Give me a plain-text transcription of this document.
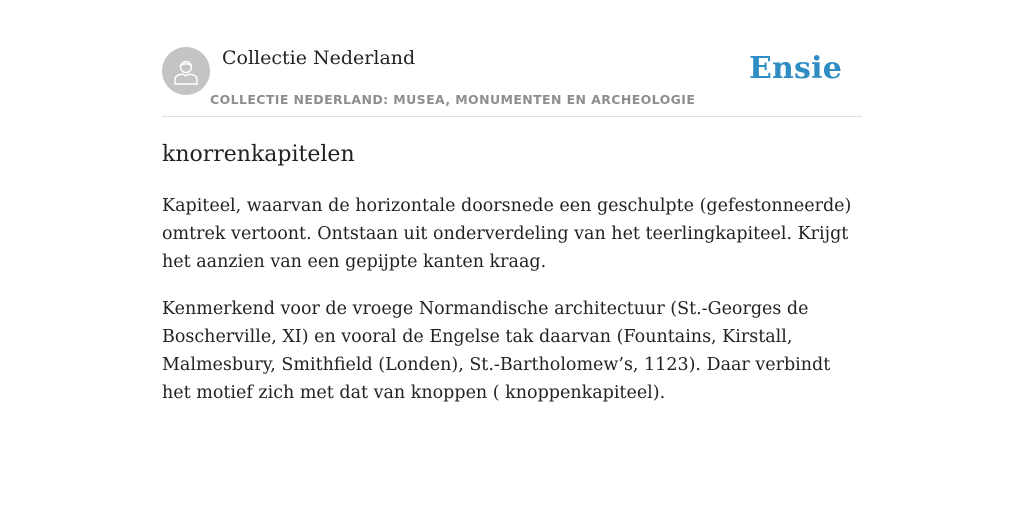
Collectie Nederland
COLLECTIE NEDERLAND: MUSEA, MONUMENTEN EN ARCHEOLOGIE
Ensie
knorrenkapitelen

Kapiteel, waarvan de horizontale doorsnede een geschulpte (gefestonneerde) omtrek vertoont. Ontstaan uit onderverdeling van het teerlingkapiteel. Krijgt het aanzien van een gepijpte kanten kraag.

Kenmerkend voor de vroege Normandische architectuur (St.-Georges de Boscherville, XI) en vooral de Engelse tak daarvan (Fountains, Kirstall, Malmesbury, Smithfield (Londen), St.-Bartholomew’s, 1123). Daar verbindt het motief zich met dat van knoppen ( knoppenkapiteel).
